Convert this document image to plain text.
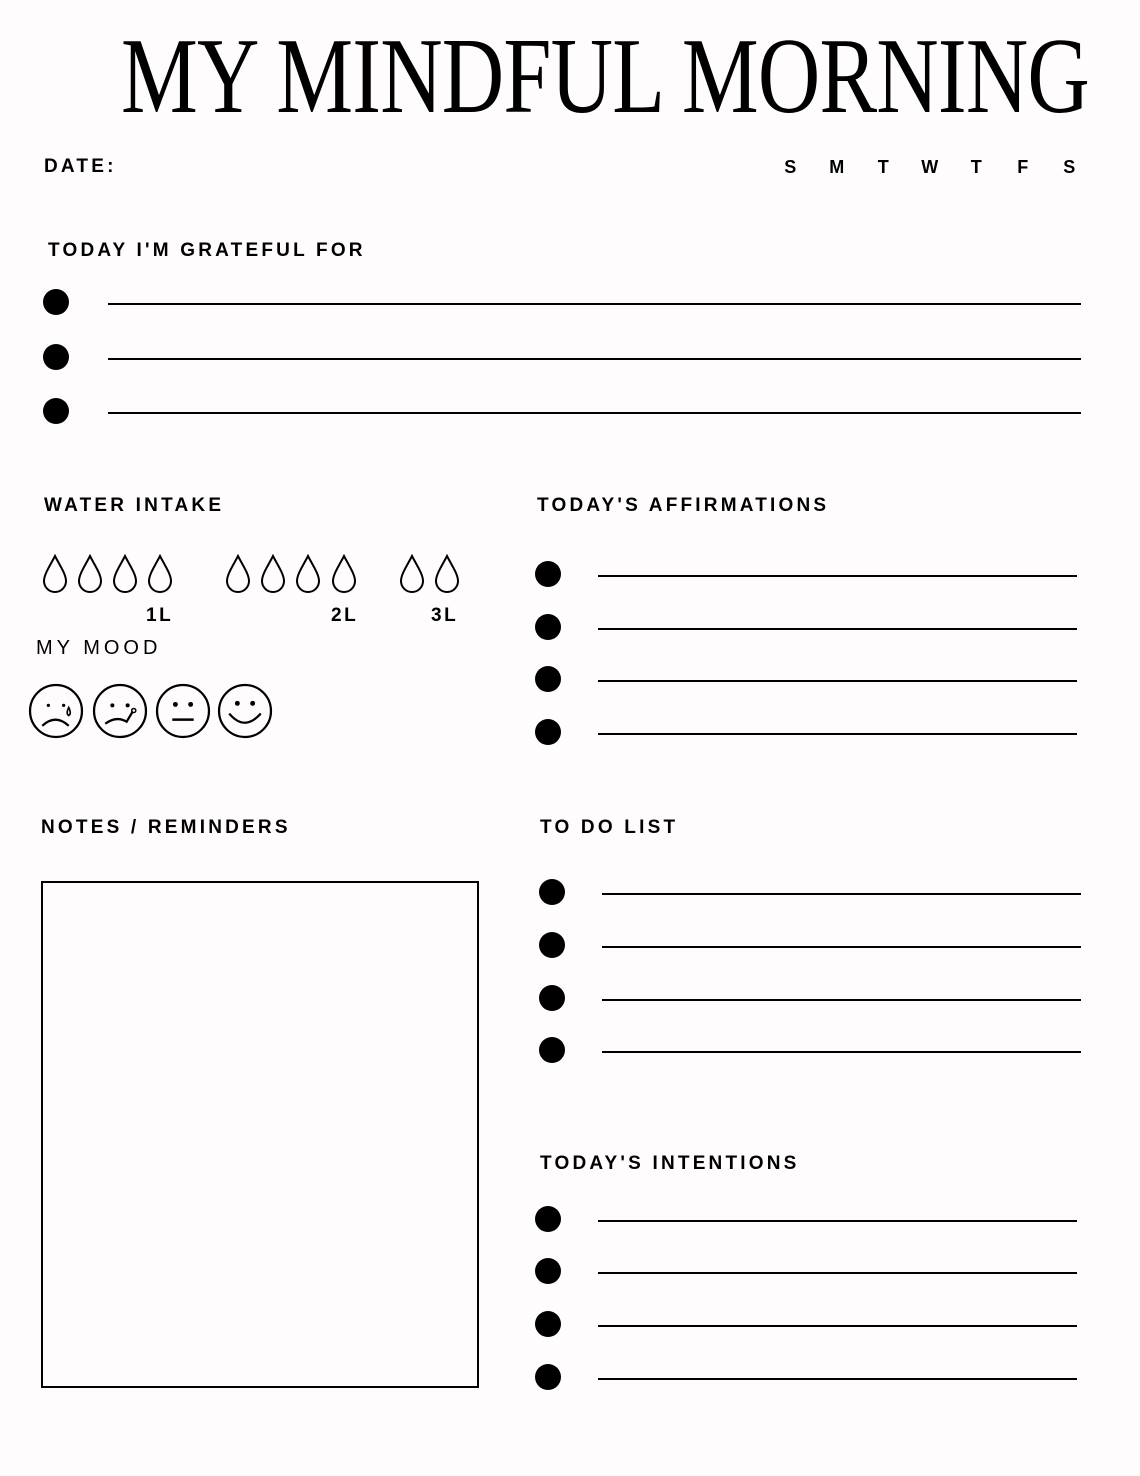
MY MINDFUL MORNING
DATE:	S	M	T	W	T	F	S
TODAY I'M GRATEFUL FOR
WATER INTAKE	TODAY'S AFFIRMATIONS
MY MOOD
NOTES / REMINDERS	TO DO LIST
TODAY'S INTENTIONS
1L	2L	3L
